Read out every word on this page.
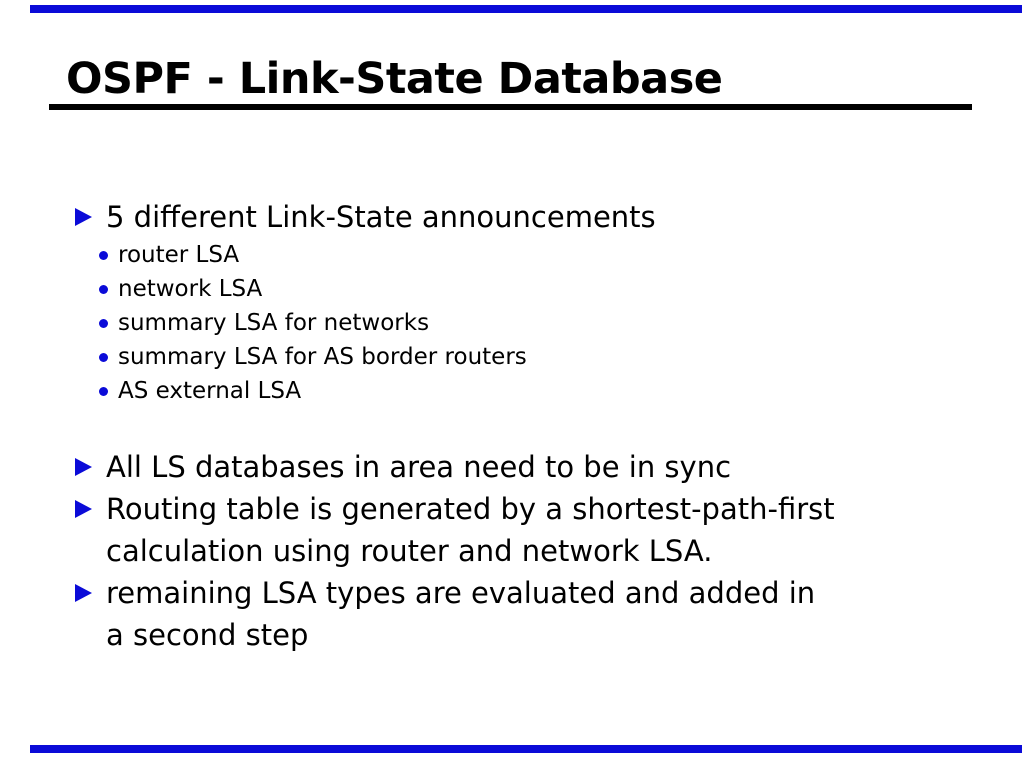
OSPF - Link-State Database
5 different Link-State announcements
router LSA
network LSA
summary LSA for networks
summary LSA for AS border routers
AS external LSA
All LS databases in area need to be in sync
Routing table is generated by a shortest-path-first
calculation using router and network LSA.
remaining LSA types are evaluated and added in
a second step
